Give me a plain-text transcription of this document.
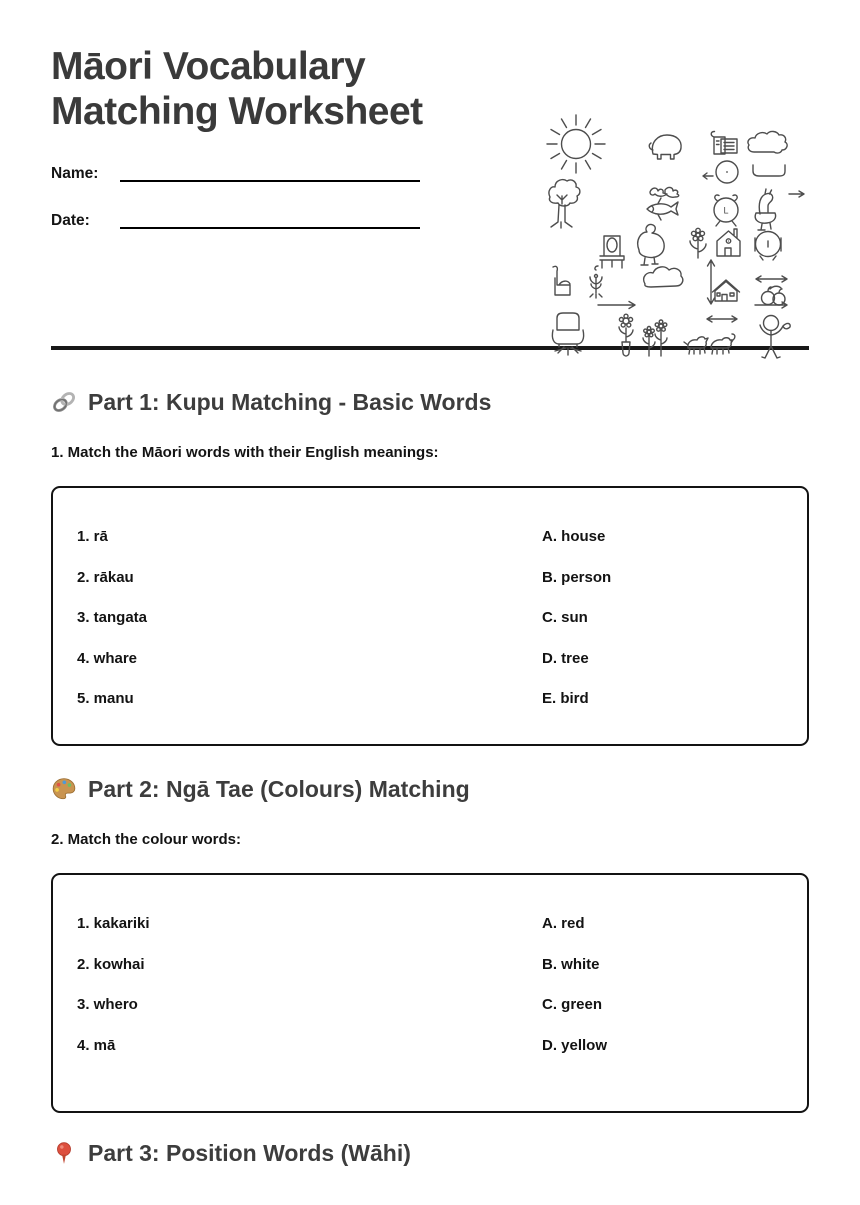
Māori Vocabulary Matching Worksheet
Name:
Date:
Part 1: Kupu Matching - Basic Words
1. Match the Māori words with their English meanings:
1. rā
2. rākau
3. tangata
4. whare
5. manu
A. house
B. person
C. sun
D. tree
E. bird
Part 2: Ngā Tae (Colours) Matching
2. Match the colour words:
1. kakariki
2. kowhai
3. whero
4. mā
A. red
B. white
C. green
D. yellow
Part 3: Position Words (Wāhi)
L
